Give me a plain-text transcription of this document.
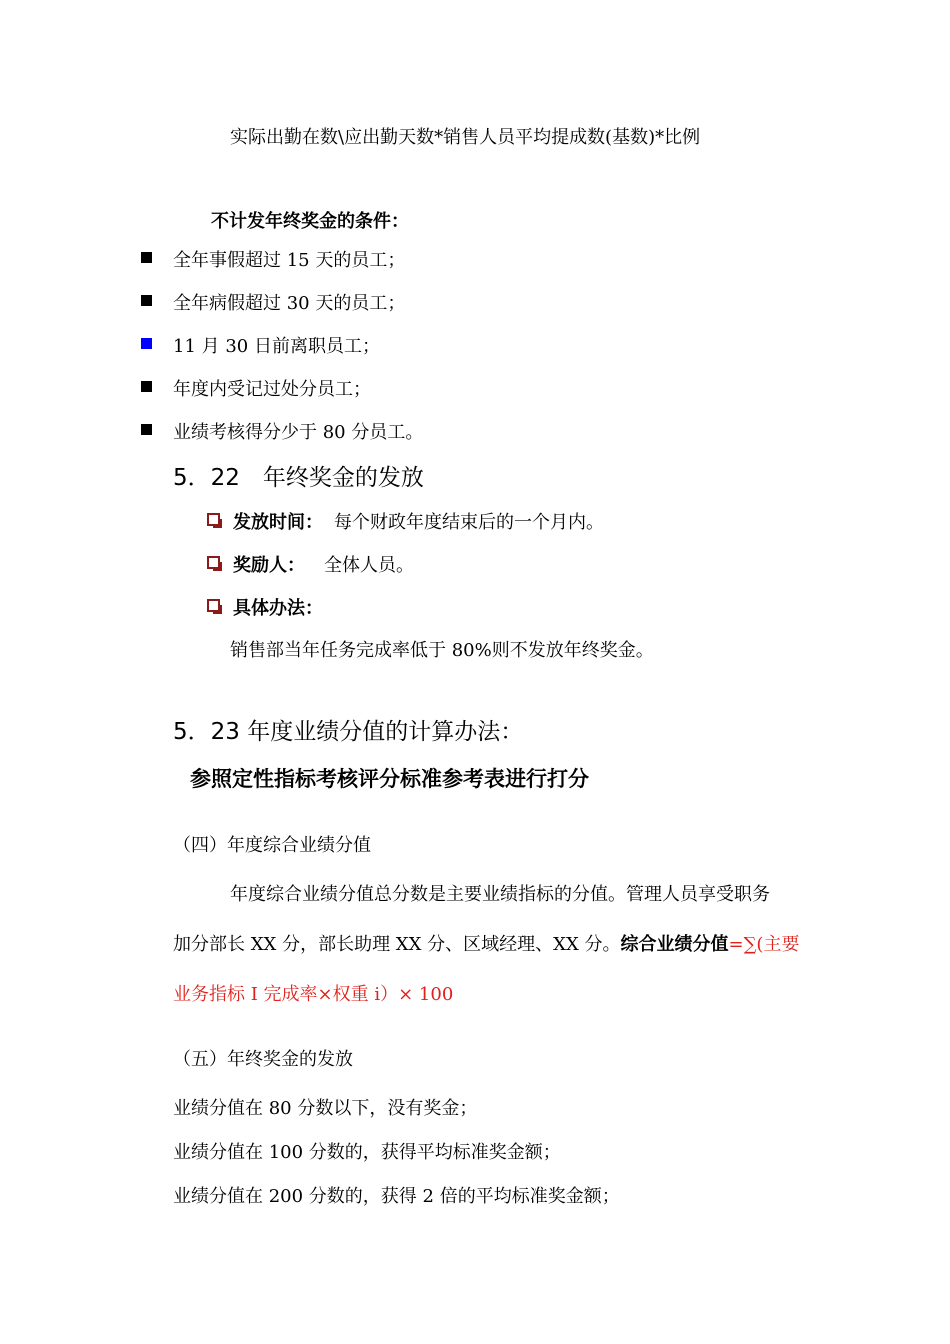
实际出勤在数\应出勤天数*销售人员平均提成数(基数)*比例
不计发年终奖金的条件：
全年事假超过 15 天的员工；
全年病假超过 30 天的员工；
11 月 30 日前离职员工；
年度内受记过处分员工；
业绩考核得分少于 80 分员工。
5．22　年终奖金的发放
发放时间： 每个财政年度结束后的一个月内。
奖励人： 全体人员。
具体办法：
销售部当年任务完成率低于 80%则不发放年终奖金。
5．23 年度业绩分值的计算办法：
参照定性指标考核评分标准参考表进行打分
（四）年度综合业绩分值
年度综合业绩分值总分数是主要业绩指标的分值。管理人员享受职务
加分部长 XX 分，部长助理 XX 分、区域经理、XX 分。综合业绩分值=∑(主要
业务指标 I 完成率×权重 i）× 100
（五）年终奖金的发放
业绩分值在 80 分数以下，没有奖金；
业绩分值在 100 分数的，获得平均标准奖金额；
业绩分值在 200 分数的，获得 2 倍的平均标准奖金额；
